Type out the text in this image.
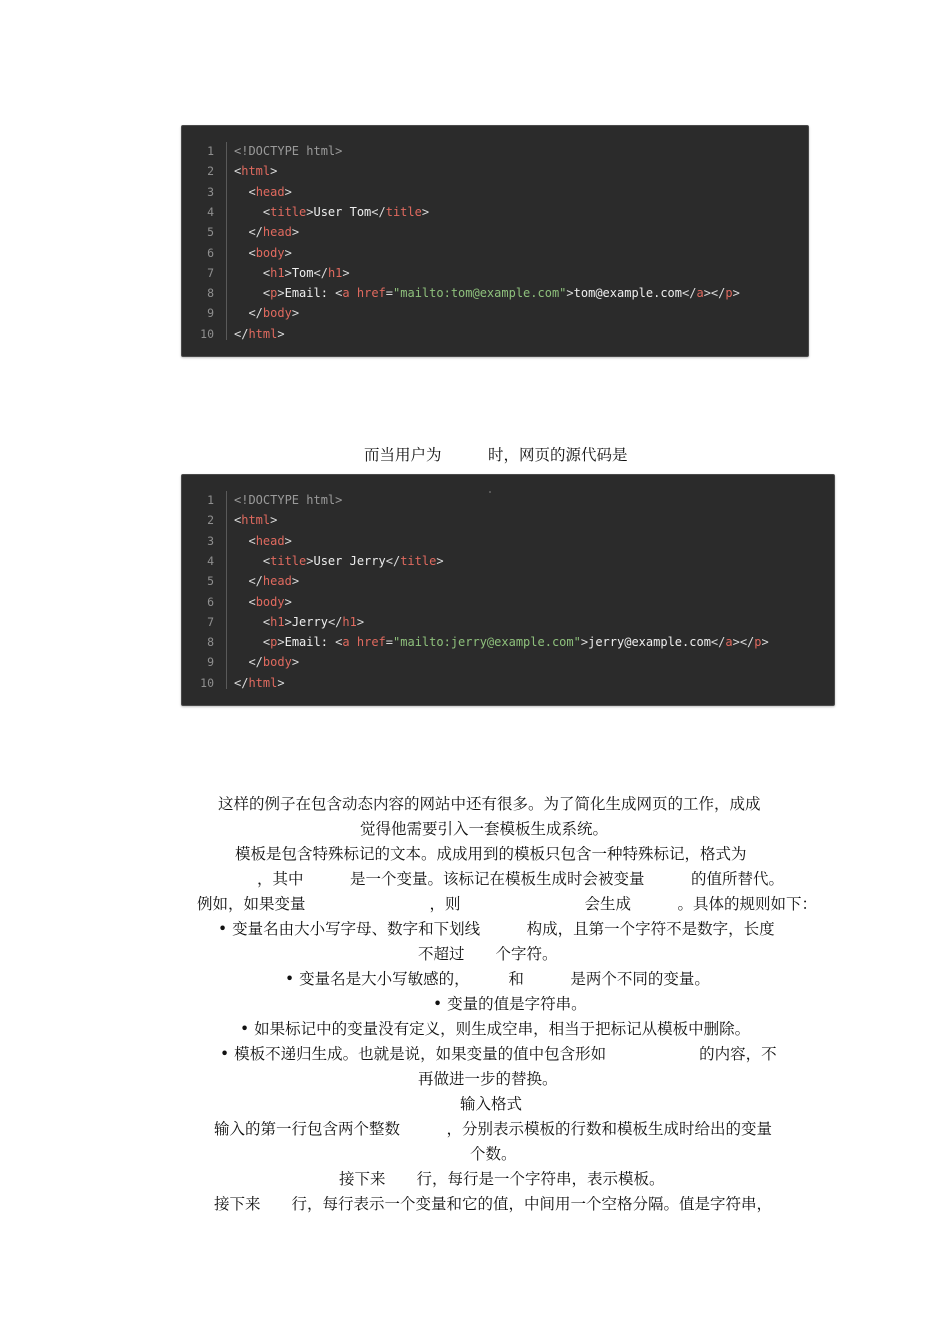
1
2
3
4
5
6
7
8
9
10
<!DOCTYPE html>
<html>
<head>
<title>User Tom</title>
</head>
<body>
<h1>Tom</h1>
<p>Email: <a href="mailto:tom@example.com">tom@example.com</a></p>
</body>
</html>
而当用户为　　　时，网页的源代码是
1
2
3
4
5
6
7
8
9
10
<!DOCTYPE html>
<html>
<head>
<title>User Jerry</title>
</head>
<body>
<h1>Jerry</h1>
<p>Email: <a href="mailto:jerry@example.com">jerry@example.com</a></p>
</body>
</html>
这样的例子在包含动态内容的网站中还有很多。为了简化生成网页的工作，成成
觉得他需要引入一套模板生成系统。
模板是包含特殊标记的文本。成成用到的模板只包含一种特殊标记，格式为
，其中　　　是一个变量。该标记在模板生成时会被变量　　　的值所替代。
例如，如果变量　　　　　　　　，则　　　　　　　　会生成　　　。具体的规则如下：
• 变量名由大小写字母、数字和下划线　　　构成，且第一个字符不是数字，长度
不超过　　个字符。
• 变量名是大小写敏感的，　　　和　　　是两个不同的变量。
• 变量的值是字符串。
• 如果标记中的变量没有定义，则生成空串，相当于把标记从模板中删除。
• 模板不递归生成。也就是说，如果变量的值中包含形如　　　　　　的内容，不
再做进一步的替换。
输入格式
输入的第一行包含两个整数　　　，分别表示模板的行数和模板生成时给出的变量
个数。
接下来　　行，每行是一个字符串，表示模板。
接下来　　行，每行表示一个变量和它的值，中间用一个空格分隔。值是字符串，
